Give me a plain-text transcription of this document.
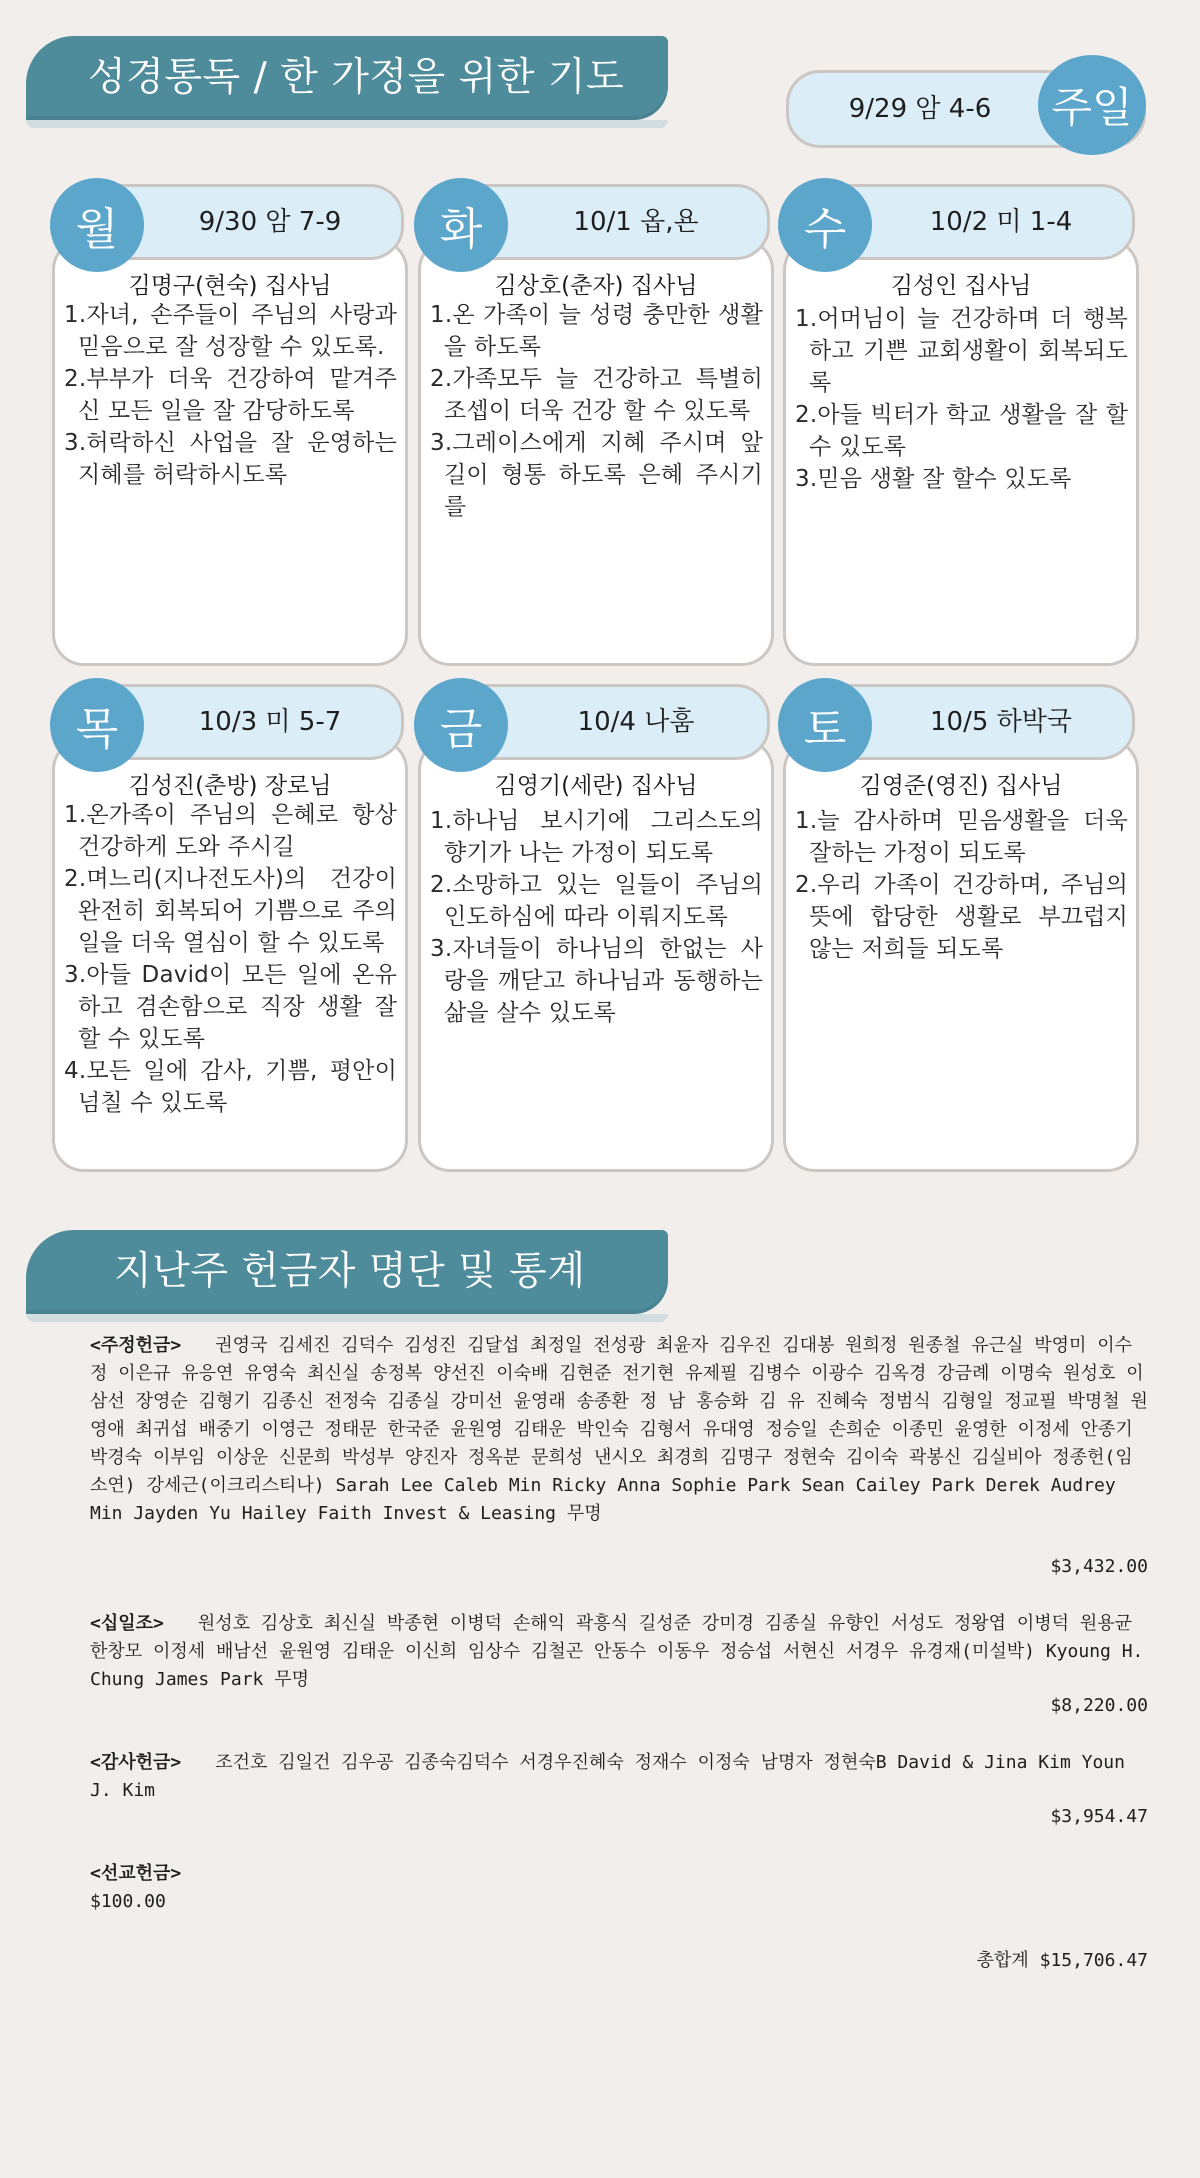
성경통독 / 한 가정을 위한 기도
9/29 암 4-6	주일
김명구(현숙) 집사님
1.자녀, 손주들이 주님의 사랑과 믿음으로 잘 성장할 수 있도록.
2.부부가 더욱 건강하여 맡겨주신 모든 일을 잘 감당하도록
3.허락하신 사업을 잘 운영하는 지혜를 허락하시도록
9/30 암 7-9
월
김상호(춘자) 집사님
1.온 가족이 늘 성령 충만한 생활을 하도록
2.가족모두 늘 건강하고 특별히 조셉이 더욱 건강 할 수 있도록
3.그레이스에게 지혜 주시며 앞길이 형통 하도록 은혜 주시기를
10/1 옵,욘
화
김성인 집사님
1.어머님이 늘 건강하며 더 행복하고 기쁜 교회생활이 회복되도록
2.아들 빅터가 학교 생활을 잘 할 수 있도록
3.믿음 생활 잘 할수 있도록
10/2 미 1-4
수
김성진(춘방) 장로님
1.온가족이 주님의 은혜로 항상 건강하게 도와 주시길
2.며느리(지나전도사)의 건강이 완전히 회복되어 기쁨으로 주의일을 더욱 열심이 할 수 있도록
3.아들 David이 모든 일에 온유하고 겸손함으로 직장 생활 잘 할 수 있도록
4.모든 일에 감사, 기쁨, 평안이 넘칠 수 있도록
10/3 미 5-7
목
김영기(세란) 집사님
1.하나님 보시기에 그리스도의 향기가 나는 가정이 되도록
2.소망하고 있는 일들이 주님의 인도하심에 따라 이뤄지도록
3.자녀들이 하나님의 한없는 사랑을 깨닫고 하나님과 동행하는 삶을 살수 있도록
10/4 나훔
금
김영준(영진) 집사님
1.늘 감사하며 믿음생활을 더욱 잘하는 가정이 되도록
2.우리 가족이 건강하며, 주님의 뜻에 합당한 생활로 부끄럽지 않는 저희들 되도록
10/5 하박국
토
지난주 헌금자 명단 및 통계
<주정헌금> 권영국 김세진 김덕수 김성진 김달섭 최정일 전성광 최윤자 김우진 김대봉 원희정 원종철 유근실 박영미 이수정 이은규 유응연 유영숙 최신실 송정복 양선진 이숙배 김현준 전기현 유제필 김병수 이광수 김옥경 강금례 이명숙 원성호 이삼선 장영순 김형기 김종신 전정숙 김종실 강미선 윤영래 송종환 정 남 홍승화 김 유 진혜숙 정범식 김형일 정교필 박명철 원영애 최귀섭 배중기 이영근 정태문 한국준 윤원영 김태운 박인숙 김형서 유대영 정승일 손희순 이종민 윤영한 이정세 안종기 박경숙 이부임 이상운 신문희 박성부 양진자 정옥분 문희성 낸시오 최경희 김명구 정현숙 김이숙 곽봉신 김실비아 정종헌(임소연) 강세근(이크리스티나) Sarah Lee Caleb Min Ricky Anna Sophie Park Sean Cailey Park Derek Audrey Min Jayden Yu Hailey Faith Invest & Leasing 무명
$3,432.00
<십일조> 원성호 김상호 최신실 박종현 이병덕 손해익 곽흥식 길성준 강미경 김종실 유향인 서성도 정왕엽 이병덕 원용균 한창모 이정세 배남선 윤원영 김태운 이신희 임상수 김철곤 안동수 이동우 정승섭 서현신 서경우 유경재(미설박) Kyoung H. Chung James Park 무명
$8,220.00
<감사헌금> 조건호 김일건 김우공 김종숙김덕수 서경우진혜숙 정재수 이정숙 남명자 정현숙B David & Jina Kim Youn J. Kim
$3,954.47
<선교헌금>
$100.00
총합계 $15,706.47
